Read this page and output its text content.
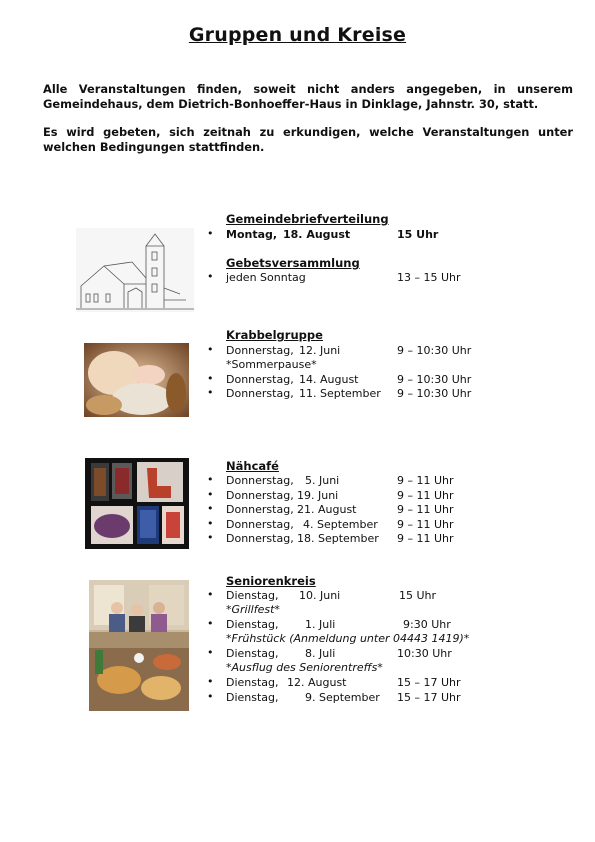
Gruppen und Kreise
Alle Veranstaltungen finden, soweit nicht anders angegeben, in unserem Gemeindehaus, dem Dietrich-Bonhoeffer-Haus in Dinklage, Jahnstr. 30, statt.
Es wird gebeten, sich zeitnah zu erkundigen, welche Veranstaltungen unter welchen Bedingungen stattfinden.
Gemeindebriefverteilung
• Montag, 18. August	15 Uhr
Gebetsversammlung
• jeden Sonntag	13 – 15 Uhr
Krabbelgruppe
• Donnerstag, 12. Juni	9 – 10:30 Uhr
*Sommerpause*
• Donnerstag, 14. August	9 – 10:30 Uhr
• Donnerstag, 11. September 9 – 10:30 Uhr
Nähcafé
• Donnerstag, 5. Juni	9 – 11 Uhr
• Donnerstag, 19. Juni	9 – 11 Uhr
• Donnerstag, 21. August	9 – 11 Uhr
• Donnerstag, 4. September 9 – 11 Uhr
• Donnerstag, 18. September 9 – 11 Uhr
Seniorenkreis
• Dienstag, 10. Juni	15 Uhr
*Grillfest*
• Dienstag, 1. Juli	9:30 Uhr
*Frühstück (Anmeldung unter 04443 1419)*
• Dienstag, 8. Juli	10:30 Uhr
*Ausflug des Seniorentreffs*
• Dienstag, 12. August	15 – 17 Uhr
• Dienstag, 9. September 15 – 17 Uhr
